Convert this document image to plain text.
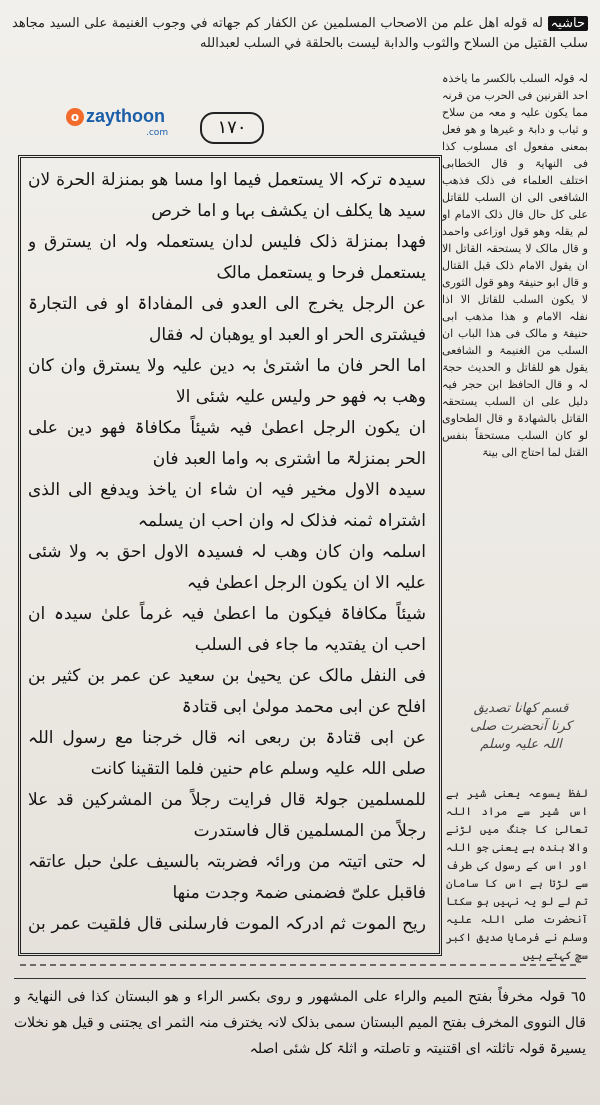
حاشیہ له قوله اهل علم من الاصحاب المسلمين عن الكفار كم جهاته في وجوب الغنيمة على السيد مجاهد سلب القتيل من السلاح والثوب والدابة ليست بالحلقة في السلب لعبدالله
o zaythoon
.com	١٧٠
سیدہ ترکہ الا یستعمل فیما اوا مسا ھو بمنزلة الحرة لان سید ھا یکلف ان یکشف بہا و اما خرص
فھدا بمنزلة ذلک فلیس لدان یستعملہ ولہ ان یسترق و یستعمل فرحا و یستعمل مالک
عن الرجل یخرج الی العدو فی المفاداۃ او فی التجارۃ فیشتری الحر او العبد او یوھبان لہ فقال
اما الحر فان ما اشتریٰ بہ دین علیہ ولا یسترق وان کان وھب بہ فھو حر ولیس علیہ شئی الا
ان یکون الرجل اعطیٰ فیہ شیئاً مکافاۃ فھو دین علی الحر بمنزلۃ ما اشتری بہ واما العبد فان
سیدہ الاول مخیر فیہ ان شاء ان یاخذ ویدفع الی الذی اشتراہ ثمنہ فذلک لہ وان احب ان یسلمہ
اسلمہ وان کان وھب لہ فسیدہ الاول احق بہ ولا شئی علیہ الا ان یکون الرجل اعطیٰ فیہ
شیئاً مکافاۃ فیکون ما اعطیٰ فیہ غرماً علیٰ سیدہ ان احب ان یفتدیہ ما جاء فی السلب
فی النفل مالک عن یحییٰ بن سعید عن عمر بن کثیر بن افلح عن ابی محمد مولیٰ ابی قتادۃ
عن ابی قتادۃ بن ربعی انہ قال خرجنا مع رسول اللہ صلی اللہ علیہ وسلم عام حنین فلما التقینا کانت
للمسلمین جولۃ قال فرایت رجلاً من المشرکین قد علا رجلاً من المسلمین قال فاستدرت
لہ حتی اتیتہ من ورائہ فضربتہ بالسیف علیٰ حبل عاتقہ فاقبل علیّ فضمنی ضمۃ وجدت منھا
ریح الموت ثم ادرکہ الموت فارسلنی قال فلقیت عمر بن
لہ قولہ السلب بالکسر ما یاخذہ احد القرنین فی الحرب من قرنہ مما یکون علیہ و معہ من سلاح و ثیاب و دابۃ و غیرھا و ھو فعل بمعنی مفعول ای مسلوب کذا فی النھایۃ و قال الخطابی اختلف العلماء فی ذلک فذھب الشافعی الی ان السلب للقاتل علی کل حال قال ذلک الامام او لم یقلہ وھو قول اوزاعی واحمد و قال مالک لا یستحقہ القاتل الا ان یقول الامام ذلک قبل القتال و قال ابو حنیفۃ وھو قول الثوری لا یکون السلب للقاتل الا اذا نفلہ الامام و ھذا مذھب ابی حنیفۃ و مالک فی ھذا الباب ان السلب من الغنیمۃ و الشافعی یقول ھو للقاتل و الحدیث حجۃ لہ و قال الحافظ ابن حجر فیہ دلیل علی ان السلب یستحقہ القاتل بالشھادۃ و قال الطحاوی لو کان السلب مستحقاً بنفس القتل لما احتاج الی بینۃ
قسم کھانا تصدیق کرنا آنحضرت صلی اللہ علیہ وسلم
لفظ یسوعہ یعنی شیر ہے اس شیر سے مراد اللہ تعالیٰ کا جنگ میں لڑنے والا بندہ ہے یعنی جو اللہ اور اس کے رسول کی طرف سے لڑتا ہے اس کا سامان تم لے لو یہ نہیں ہو سکتا آنحضرت صلی اللہ علیہ وسلم نے فرمایا صدیق اکبر سچ کہتے ہیں
٦٥ قولہ مخرفاً بفتح المیم والراء علی المشھور و روی بکسر الراء و ھو البستان کذا فی النھایۃ و قال النووی المخرف بفتح المیم البستان سمی بذلک لانہ یخترف منہ الثمر ای یجتنی و قیل ھو نخلات یسیرۃ قولہ تاثلتہ ای اقتنیتہ و تاصلتہ و اثلۃ کل شئی اصلہ
